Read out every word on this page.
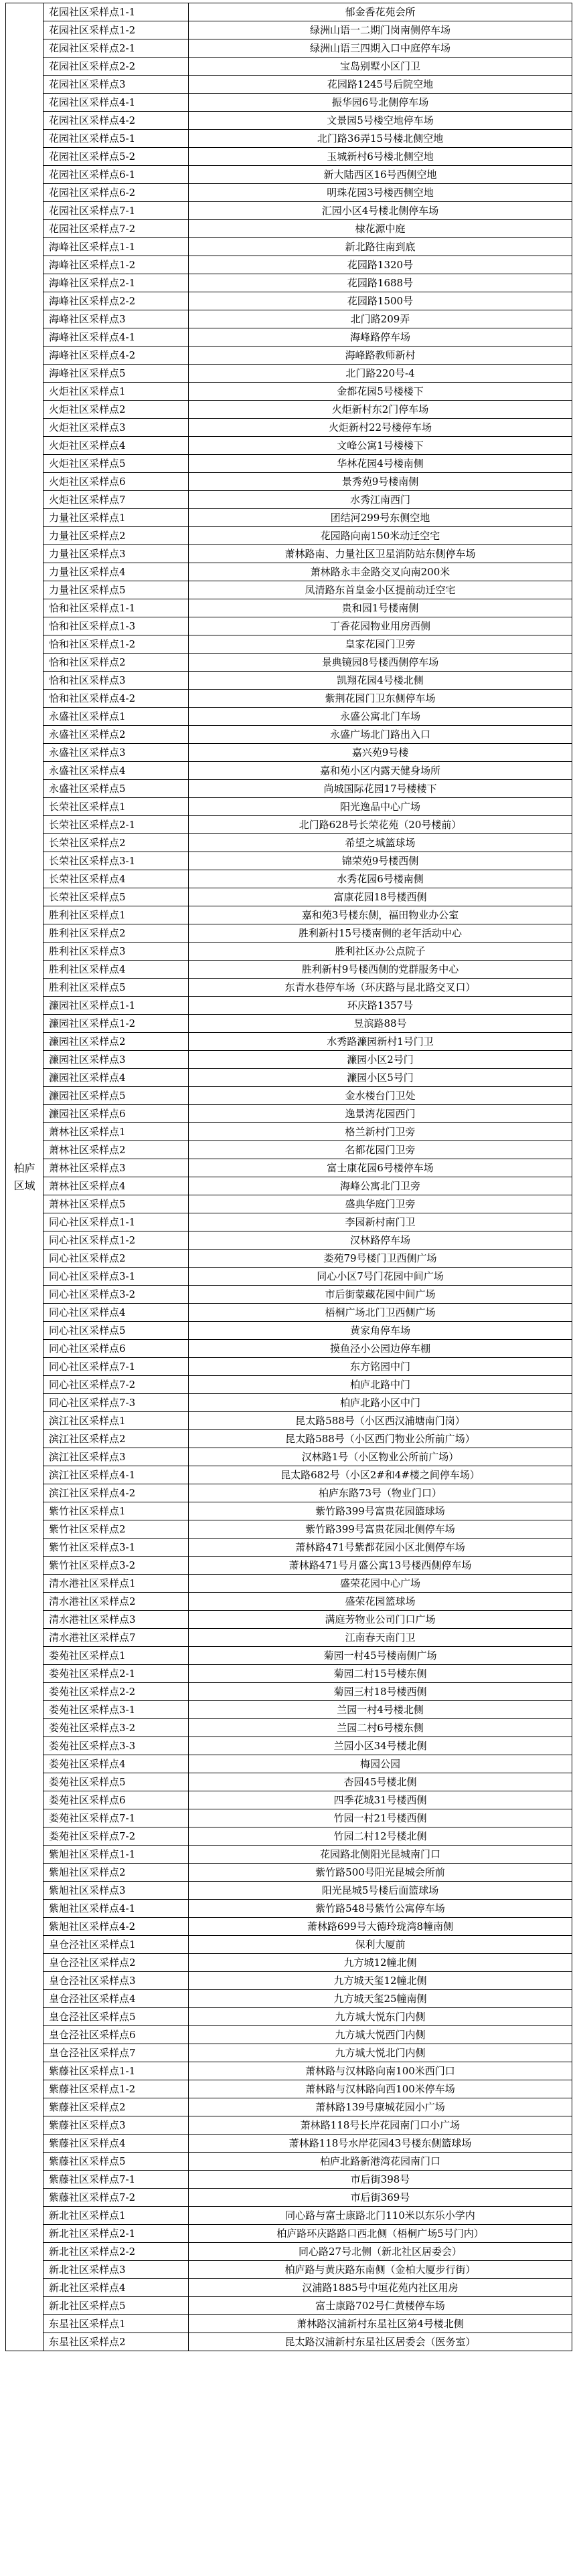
柏庐区域	花园社区采样点1-1	郁金香花苑会所
	花园社区采样点1-2	绿洲山语一二期门岗南侧停车场
	花园社区采样点2-1	绿洲山语三四期入口中庭停车场
	花园社区采样点2-2	宝岛别墅小区门卫
	花园社区采样点3	花园路1245号后院空地
	花园社区采样点4-1	振华园6号北侧停车场
	花园社区采样点4-2	文景园5号楼空地停车场
	花园社区采样点5-1	北门路36弄15号楼北侧空地
	花园社区采样点5-2	玉城新村6号楼北侧空地
	花园社区采样点6-1	新大陆西区16号西侧空地
	花园社区采样点6-2	明珠花园3号楼西侧空地
	花园社区采样点7-1	汇园小区4号楼北侧停车场
	花园社区采样点7-2	棣花源中庭
	海峰社区采样点1-1	新北路往南到底
	海峰社区采样点1-2	花园路1320号
	海峰社区采样点2-1	花园路1688号
	海峰社区采样点2-2	花园路1500号
	海峰社区采样点3	北门路209弄
	海峰社区采样点4-1	海峰路停车场
	海峰社区采样点4-2	海峰路教师新村
	海峰社区采样点5	北门路220号-4
	火炬社区采样点1	金都花园5号楼楼下
	火炬社区采样点2	火炬新村东2门停车场
	火炬社区采样点3	火炬新村22号楼停车场
	火炬社区采样点4	文峰公寓1号楼楼下
	火炬社区采样点5	华林花园4号楼南侧
	火炬社区采样点6	景秀苑9号楼南侧
	火炬社区采样点7	水秀江南西门
	力量社区采样点1	团结河299号东侧空地
	力量社区采样点2	花园路向南150米动迁空宅
	力量社区采样点3	萧林路南、力量社区卫星消防站东侧停车场
	力量社区采样点4	萧林路永丰金路交叉向南200米
	力量社区采样点5	凤清路东首皇金小区提前动迁空宅
	恰和社区采样点1-1	贵和园1号楼南侧
	恰和社区采样点1-3	丁香花园物业用房西侧
	恰和社区采样点1-2	皇家花园门卫旁
	恰和社区采样点2	景典镜园8号楼西侧停车场
	恰和社区采样点3	凯翔花园4号楼北侧
	恰和社区采样点4-2	紫荆花园门卫东侧停车场
	永盛社区采样点1	永盛公寓北门车场
	永盛社区采样点2	永盛广场北门路出入口
	永盛社区采样点3	嘉兴苑9号楼
	永盛社区采样点4	嘉和苑小区内露天健身场所
	永盛社区采样点5	尚城国际花园17号楼楼下
	长荣社区采样点1	阳光逸品中心广场
	长荣社区采样点2-1	北门路628号长荣花苑（20号楼前）
	长荣社区采样点2	希望之城篮球场
	长荣社区采样点3-1	锦荣苑9号楼西侧
	长荣社区采样点4	水秀花园6号楼南侧
	长荣社区采样点5	富康花园18号楼西侧
	胜利社区采样点1	嘉和苑3号楼东侧，福田物业办公室
	胜利社区采样点2	胜利新村15号楼南侧的老年活动中心
	胜利社区采样点3	胜利社区办公点院子
	胜利社区采样点4	胜利新村9号楼西侧的党群服务中心
	胜利社区采样点5	东青水巷停车场（环庆路与昆北路交叉口）
	濂园社区采样点1-1	环庆路1357号
	濂园社区采样点1-2	昱滨路88号
	濂园社区采样点2	水秀路濂园新村1号门卫
	濂园社区采样点3	濂园小区2号门
	濂园社区采样点4	濂园小区5号门
	濂园社区采样点5	金水楼台门卫处
	濂园社区采样点6	逸景湾花园西门
	萧林社区采样点1	格兰新村门卫旁
	萧林社区采样点2	名都花园门卫旁
	萧林社区采样点3	富士康花园6号楼停车场
	萧林社区采样点4	海峰公寓北门卫旁
	萧林社区采样点5	盛典华庭门卫旁
	同心社区采样点1-1	李园新村南门卫
	同心社区采样点1-2	汉林路停车场
	同心社区采样点2	娄苑79号楼门卫西侧广场
	同心社区采样点3-1	同心小区7号门花园中间广场
	同心社区采样点3-2	市后街蒙藏花园中间广场
	同心社区采样点4	梧桐广场北门卫西侧广场
	同心社区采样点5	黄家角停车场
	同心社区采样点6	摸鱼泾小公园边停车棚
	同心社区采样点7-1	东方铭园中门
	同心社区采样点7-2	柏庐北路中门
	同心社区采样点7-3	柏庐北路小区中门
	滨江社区采样点1	昆太路588号（小区西汉浦塘南门岗）
	滨江社区采样点2	昆太路588号（小区西门物业公所前广场）
	滨江社区采样点3	汉林路1号（小区物业公所前广场）
	滨江社区采样点4-1	昆太路682号（小区2#和4#楼之间停车场）
	滨江社区采样点4-2	柏庐东路73号（物业门口）
	紫竹社区采样点1	紫竹路399号富贵花园篮球场
	紫竹社区采样点2	紫竹路399号富贵花园北侧停车场
	紫竹社区采样点3-1	萧林路471号紫都花园小区北侧停车场
	紫竹社区采样点3-2	萧林路471号月盛公寓13号楼西侧停车场
	清水港社区采样点1	盛荣花园中心广场
	清水港社区采样点2	盛荣花园篮球场
	清水港社区采样点3	满庭芳物业公司门口广场
	清水港社区采样点7	江南春天南门卫
	娄苑社区采样点1	菊园一村45号楼南侧广场
	娄苑社区采样点2-1	菊园二村15号楼东侧
	娄苑社区采样点2-2	菊园三村18号楼西侧
	娄苑社区采样点3-1	兰园一村4号楼北侧
	娄苑社区采样点3-2	兰园二村6号楼东侧
	娄苑社区采样点3-3	兰园小区34号楼北侧
	娄苑社区采样点4	梅园公园
	娄苑社区采样点5	杏园45号楼北侧
	娄苑社区采样点6	四季花城31号楼西侧
	娄苑社区采样点7-1	竹园一村21号楼西侧
	娄苑社区采样点7-2	竹园二村12号楼北侧
	紫旭社区采样点1-1	花园路北侧阳光昆城南门口
	紫旭社区采样点2	紫竹路500号阳光昆城会所前
	紫旭社区采样点3	阳光昆城5号楼后面篮球场
	紫旭社区采样点4-1	紫竹路548号紫竹公寓停车场
	紫旭社区采样点4-2	萧林路699号大德玲珑湾8幢南侧
	皇仓泾社区采样点1	保利大厦前
	皇仓泾社区采样点2	九方城12幢北侧
	皇仓泾社区采样点3	九方城天玺12幢北侧
	皇仓泾社区采样点4	九方城天玺25幢南侧
	皇仓泾社区采样点5	九方城大悦东门内侧
	皇仓泾社区采样点6	九方城大悦西门内侧
	皇仓泾社区采样点7	九方城大悦北门内侧
	紫藤社区采样点1-1	萧林路与汉林路向南100米西门口
	紫藤社区采样点1-2	萧林路与汉林路向西100米停车场
	紫藤社区采样点2	萧林路139号康城花园小广场
	紫藤社区采样点3	萧林路118号长岸花园南门口小广场
	紫藤社区采样点4	萧林路118号水岸花园43号楼东侧篮球场
	紫藤社区采样点5	柏庐北路新港湾花园南门口
	紫藤社区采样点7-1	市后街398号
	紫藤社区采样点7-2	市后街369号
	新北社区采样点1	同心路与富士康路北门110米以东乐小学内
	新北社区采样点2-1	柏庐路环庆路路口西北侧（梧桐广场5号门内）
	新北社区采样点2-2	同心路27号北侧（新北社区居委会）
	新北社区采样点3	柏庐路与黄庆路东南侧（金柏大厦步行街）
	新北社区采样点4	汉浦路1885号中垣花苑内社区用房
	新北社区采样点5	富士康路702号仁黄楼停车场
	东星社区采样点1	萧林路汉浦新村东星社区第4号楼北侧
	东星社区采样点2	昆太路汉浦新村东星社区居委会（医务室）
